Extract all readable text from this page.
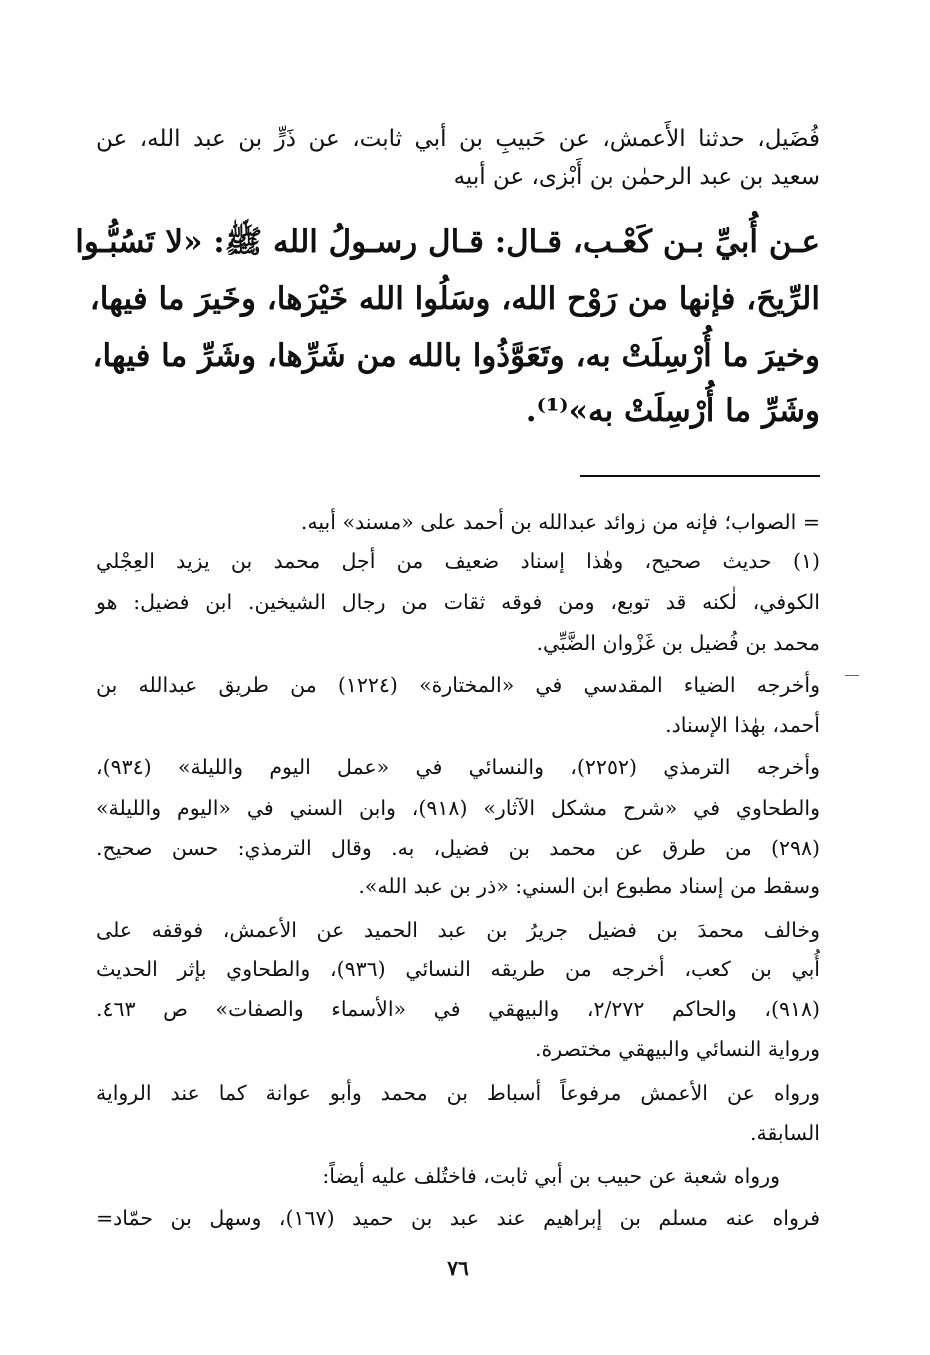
فُضَيل، حدثنا الأَعمش، عن حَبيبِ بن أبي ثابت، عن ذَرٍّ بن عبد الله، عن
سعيد بن عبد الرحمٰن بن أَبْزى، عن أبيه
عـن أُبيِّ بـن كَعْـب، قـال: قـال رسـولُ الله ﷺ: «لا تَسُبُّـوا
الرِّيحَ، فإنها من رَوْح الله، وسَلُوا الله خَيْرَها، وخَيرَ ما فيها،
وخيرَ ما أُرْسِلَتْ به، وتَعَوَّذُوا بالله من شَرِّها، وشَرِّ ما فيها،
وشَرِّ ما أُرْسِلَتْ به»⁽¹⁾.
= الصواب؛ فإنه من زوائد عبدالله بن أحمد على «مسند» أبيه.
(١) حديث صحيح، وهٰذا إسناد ضعيف من أجل محمد بن يزيد العِجْلي
الكوفي، لٰكنه قد توبع، ومن فوقه ثقات من رجال الشيخين. ابن فضيل: هو
محمد بن فُضيل بن غَزْوان الضَّبِّي.
وأخرجه الضياء المقدسي في «المختارة» (١٢٢٤) من طريق عبدالله بن
أحمد، بهٰذا الإسناد.
وأخرجه الترمذي (٢٢٥٢)، والنسائي في «عمل اليوم والليلة» (٩٣٤)،
والطحاوي في «شرح مشكل الآثار» (٩١٨)، وابن السني في «اليوم والليلة»
(٢٩٨) من طرق عن محمد بن فضيل، به. وقال الترمذي: حسن صحيح.
وسقط من إسناد مطبوع ابن السني: «ذر بن عبد الله».
وخالف محمدَ بن فضيل جريرُ بن عبد الحميد عن الأعمش، فوقفه على
أُبي بن كعب، أخرجه من طريقه النسائي (٩٣٦)، والطحاوي بإثر الحديث
(٩١٨)، والحاكم ٢/٢٧٢، والبيهقي في «الأسماء والصفات» ص ٤٦٣.
ورواية النسائي والبيهقي مختصرة.
ورواه عن الأعمش مرفوعاً أسباط بن محمد وأبو عوانة كما عند الرواية
السابقة.
ورواه شعبة عن حبيب بن أبي ثابت، فاختُلف عليه أيضاً:
فرواه عنه مسلم بن إبراهيم عند عبد بن حميد (١٦٧)، وسهل بن حمّاد=
٧٦
